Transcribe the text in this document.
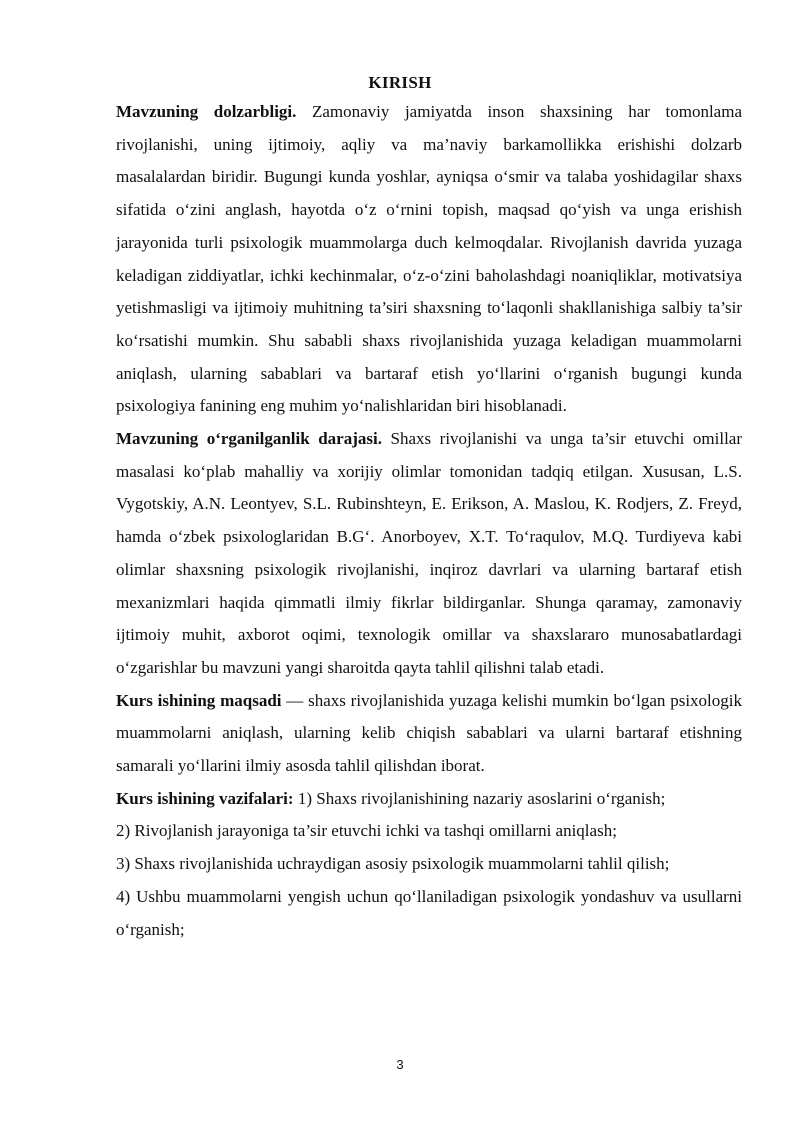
KIRISH

Mavzuning dolzarbligi. Zamonaviy jamiyatda inson shaxsining har tomonlama rivojlanishi, uning ijtimoiy, aqliy va ma’naviy barkamollikka erishishi dolzarb masalalardan biridir. Bugungi kunda yoshlar, ayniqsa o‘smir va talaba yoshidagilar shaxs sifatida o‘zini anglash, hayotda o‘z o‘rnini topish, maqsad qo‘yish va unga erishish jarayonida turli psixologik muammolarga duch kelmoqdalar. Rivojlanish davrida yuzaga keladigan ziddiyatlar, ichki kechinmalar, o‘z-o‘zini baholashdagi noaniqliklar, motivatsiya yetishmasligi va ijtimoiy muhitning ta’siri shaxsning to‘laqonli shakllanishiga salbiy ta’sir ko‘rsatishi mumkin. Shu sababli shaxs rivojlanishida yuzaga keladigan muammolarni aniqlash, ularning sabablari va bartaraf etish yo‘llarini o‘rganish bugungi kunda psixologiya fanining eng muhim yo‘nalishlaridan biri hisoblanadi.

Mavzuning o‘rganilganlik darajasi. Shaxs rivojlanishi va unga ta’sir etuvchi omillar masalasi ko‘plab mahalliy va xorijiy olimlar tomonidan tadqiq etilgan. Xususan, L.S. Vygotskiy, A.N. Leontyev, S.L. Rubinshteyn, E. Erikson, A. Maslou, K. Rodjers, Z. Freyd, hamda o‘zbek psixologlaridan B.G‘. Anorboyev, X.T. To‘raqulov, M.Q. Turdiyeva kabi olimlar shaxsning psixologik rivojlanishi, inqiroz davrlari va ularning bartaraf etish mexanizmlari haqida qimmatli ilmiy fikrlar bildirganlar. Shunga qaramay, zamonaviy ijtimoiy muhit, axborot oqimi, texnologik omillar va shaxslararo munosabatlardagi o‘zgarishlar bu mavzuni yangi sharoitda qayta tahlil qilishni talab etadi.

Kurs ishining maqsadi — shaxs rivojlanishida yuzaga kelishi mumkin bo‘lgan psixologik muammolarni aniqlash, ularning kelib chiqish sabablari va ularni bartaraf etishning samarali yo‘llarini ilmiy asosda tahlil qilishdan iborat.

Kurs ishining vazifalari: 1) Shaxs rivojlanishining nazariy asoslarini o‘rganish;

2) Rivojlanish jarayoniga ta’sir etuvchi ichki va tashqi omillarni aniqlash;

3) Shaxs rivojlanishida uchraydigan asosiy psixologik muammolarni tahlil qilish;

4) Ushbu muammolarni yengish uchun qo‘llaniladigan psixologik yondashuv va usullarni o‘rganish;

3
